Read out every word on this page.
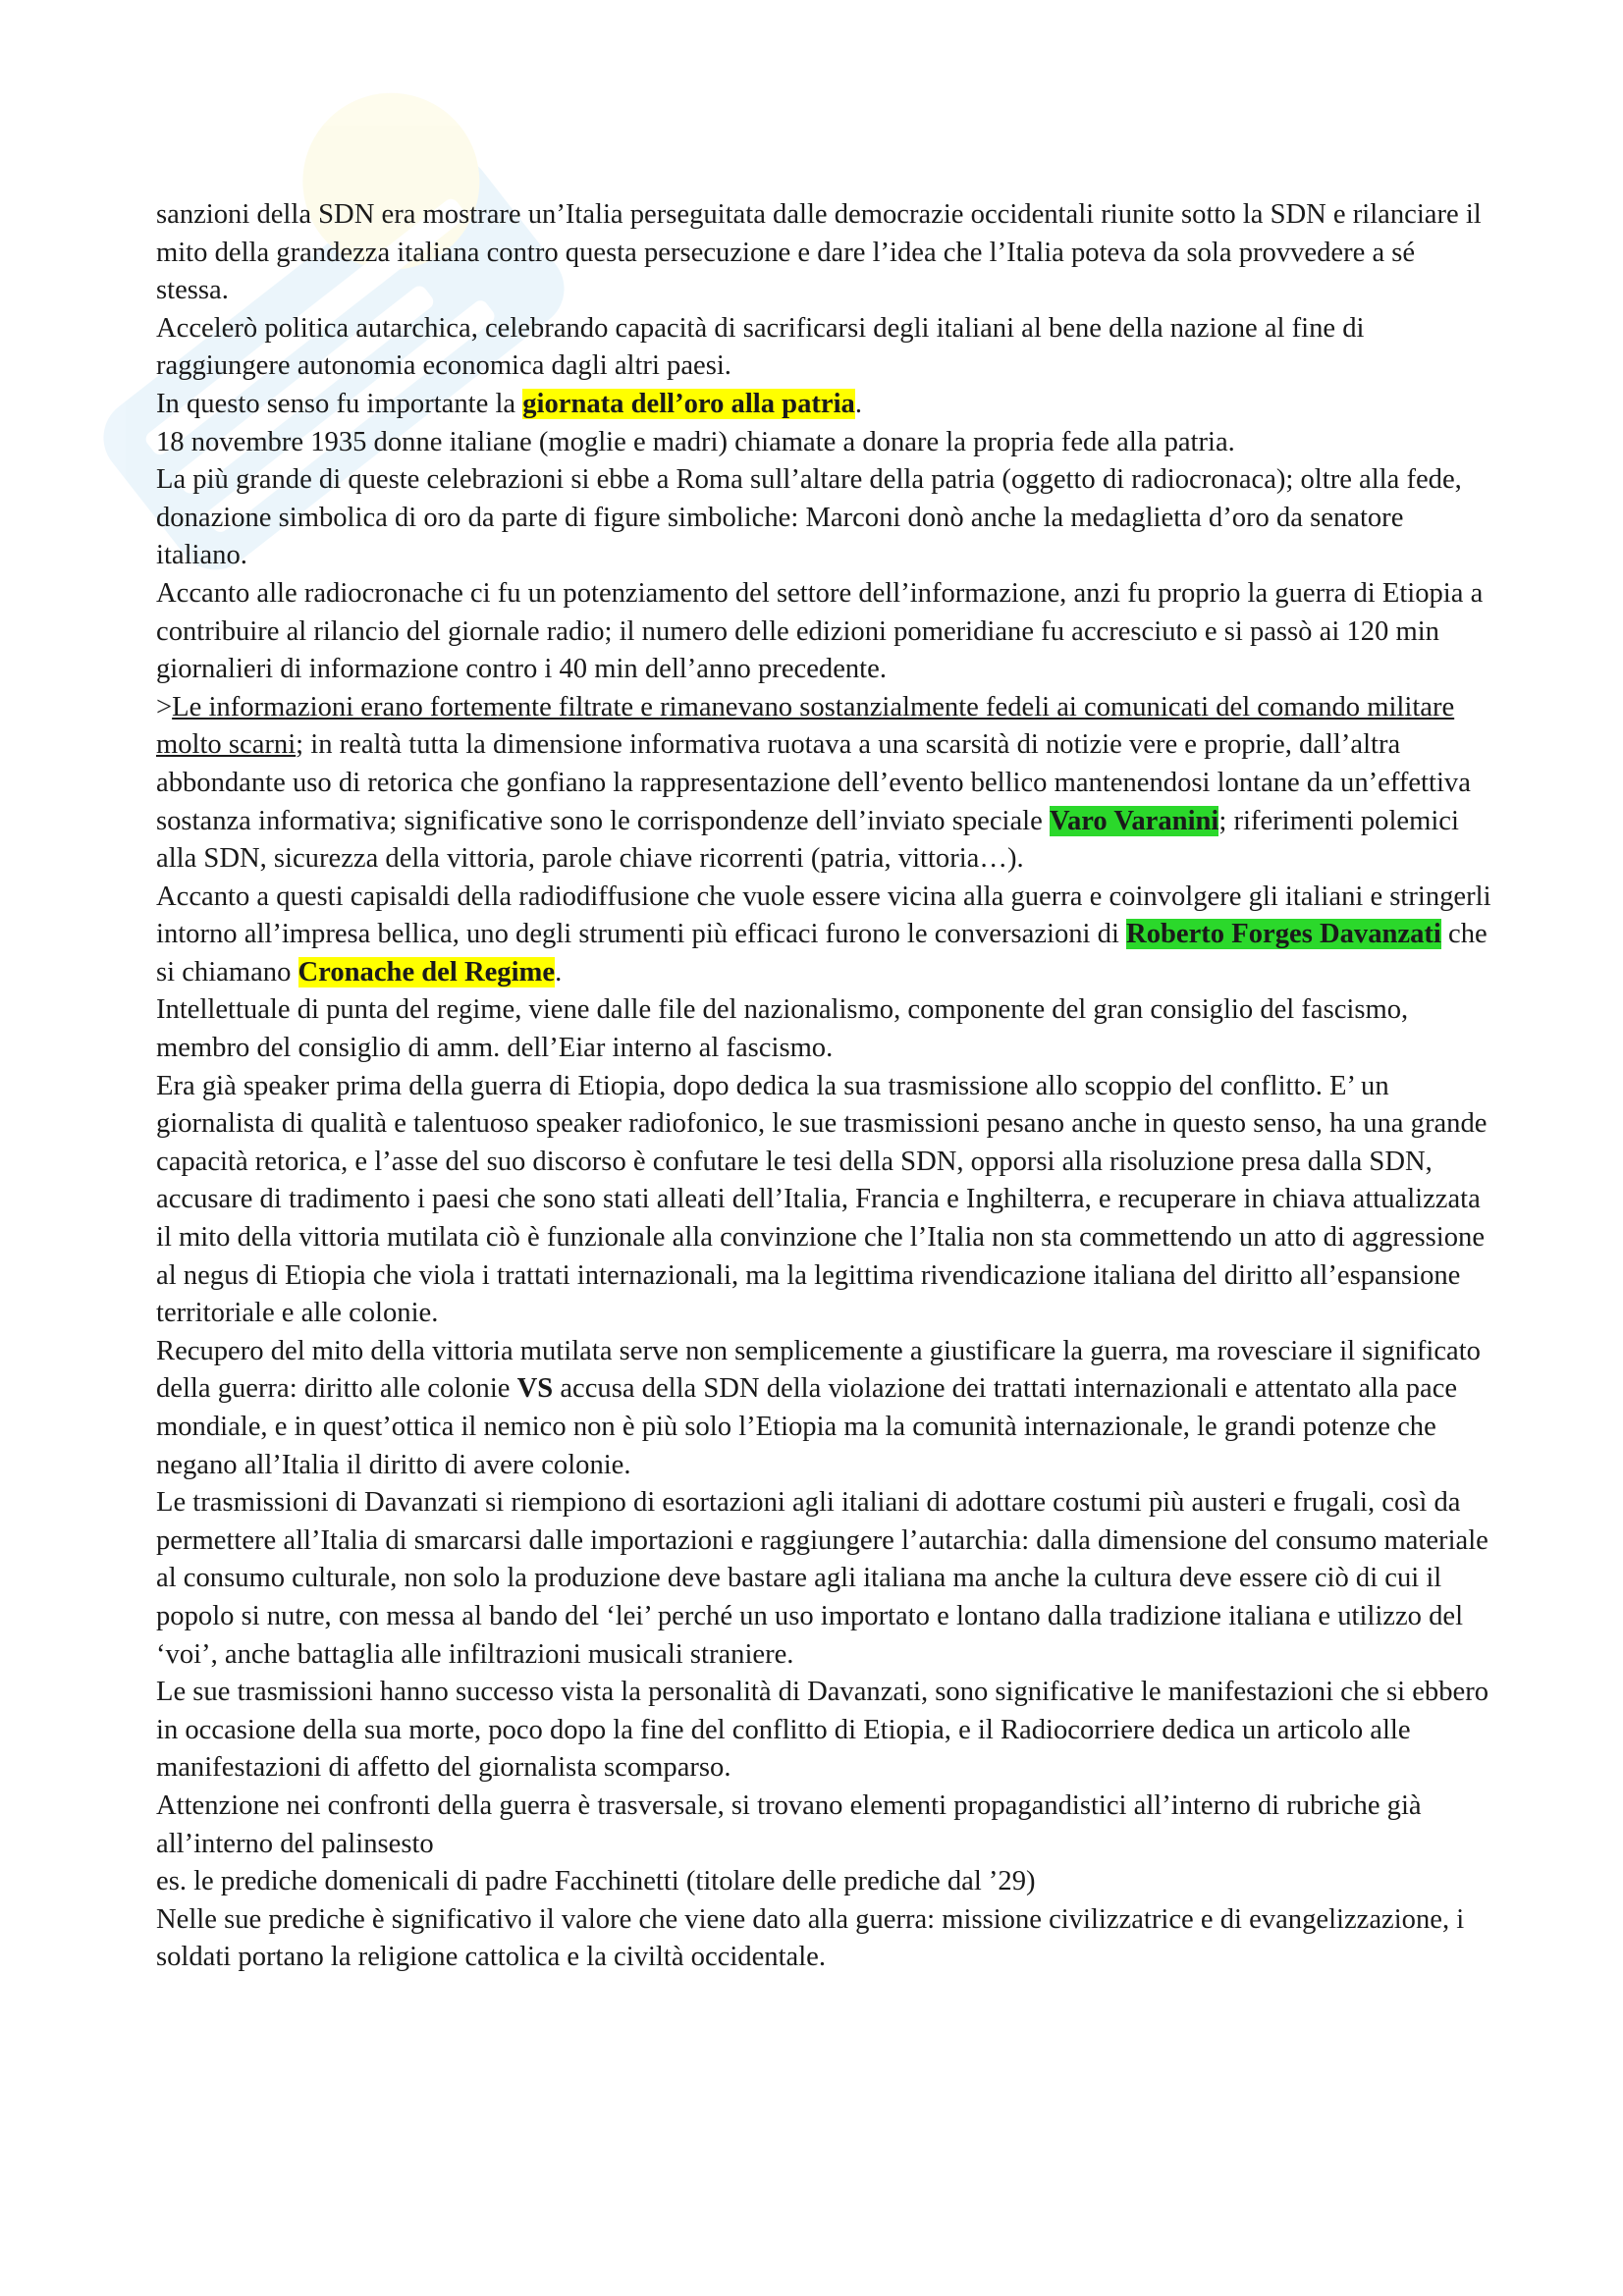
sanzioni della SDN era mostrare un’Italia perseguitata dalle democrazie occidentali riunite sotto la SDN e rilanciare il mito della grandezza italiana contro questa persecuzione e dare l’idea che l’Italia poteva da sola provvedere a sé stessa.

Accelerò politica autarchica, celebrando capacità di sacrificarsi degli italiani al bene della nazione al fine di raggiungere autonomia economica dagli altri paesi.

In questo senso fu importante la giornata dell’oro alla patria.

18 novembre 1935 donne italiane (moglie e madri) chiamate a donare la propria fede alla patria.

La più grande di queste celebrazioni si ebbe a Roma sull’altare della patria (oggetto di radiocronaca); oltre alla fede, donazione simbolica di oro da parte di figure simboliche: Marconi donò anche la medaglietta d’oro da senatore italiano.

Accanto alle radiocronache ci fu un potenziamento del settore dell’informazione, anzi fu proprio la guerra di Etiopia a contribuire al rilancio del giornale radio; il numero delle edizioni pomeridiane fu accresciuto e si passò ai 120 min giornalieri di informazione contro i 40 min dell’anno precedente.

>Le informazioni erano fortemente filtrate e rimanevano sostanzialmente fedeli ai comunicati del comando militare molto scarni; in realtà tutta la dimensione informativa ruotava a una scarsità di notizie vere e proprie, dall’altra abbondante uso di retorica che gonfiano la rappresentazione dell’evento bellico mantenendosi lontane da un’effettiva sostanza informativa; significative sono le corrispondenze dell’inviato speciale Varo Varanini; riferimenti polemici alla SDN, sicurezza della vittoria, parole chiave ricorrenti (patria, vittoria…).

Accanto a questi capisaldi della radiodiffusione che vuole essere vicina alla guerra e coinvolgere gli italiani e stringerli intorno all’impresa bellica, uno degli strumenti più efficaci furono le conversazioni di Roberto Forges Davanzati che si chiamano Cronache del Regime.

Intellettuale di punta del regime, viene dalle file del nazionalismo, componente del gran consiglio del fascismo, membro del consiglio di amm. dell’Eiar interno al fascismo.

Era già speaker prima della guerra di Etiopia, dopo dedica la sua trasmissione allo scoppio del conflitto. E’ un giornalista di qualità e talentuoso speaker radiofonico, le sue trasmissioni pesano anche in questo senso, ha una grande capacità retorica, e l’asse del suo discorso è confutare le tesi della SDN, opporsi alla risoluzione presa dalla SDN, accusare di tradimento i paesi che sono stati alleati dell’Italia, Francia e Inghilterra, e recuperare in chiava attualizzata il mito della vittoria mutilata ciò è funzionale alla convinzione che l’Italia non sta commettendo un atto di aggressione al negus di Etiopia che viola i trattati internazionali, ma la legittima rivendicazione italiana del diritto all’espansione territoriale e alle colonie.

Recupero del mito della vittoria mutilata serve non semplicemente a giustificare la guerra, ma rovesciare il significato della guerra: diritto alle colonie VS accusa della SDN della violazione dei trattati internazionali e attentato alla pace mondiale, e in quest’ottica il nemico non è più solo l’Etiopia ma la comunità internazionale, le grandi potenze che negano all’Italia il diritto di avere colonie.

Le trasmissioni di Davanzati si riempiono di esortazioni agli italiani di adottare costumi più austeri e frugali, così da permettere all’Italia di smarcarsi dalle importazioni e raggiungere l’autarchia: dalla dimensione del consumo materiale al consumo culturale, non solo la produzione deve bastare agli italiana ma anche la cultura deve essere ciò di cui il popolo si nutre, con messa al bando del ‘lei’ perché un uso importato e lontano dalla tradizione italiana e utilizzo del ‘voi’, anche battaglia alle infiltrazioni musicali straniere.

Le sue trasmissioni hanno successo vista la personalità di Davanzati, sono significative le manifestazioni che si ebbero in occasione della sua morte, poco dopo la fine del conflitto di Etiopia, e il Radiocorriere dedica un articolo alle manifestazioni di affetto del giornalista scomparso.

Attenzione nei confronti della guerra è trasversale, si trovano elementi propagandistici all’interno di rubriche già all’interno del palinsesto

es. le prediche domenicali di padre Facchinetti (titolare delle prediche dal ’29)

Nelle sue prediche è significativo il valore che viene dato alla guerra: missione civilizzatrice e di evangelizzazione, i soldati portano la religione cattolica e la civiltà occidentale.
